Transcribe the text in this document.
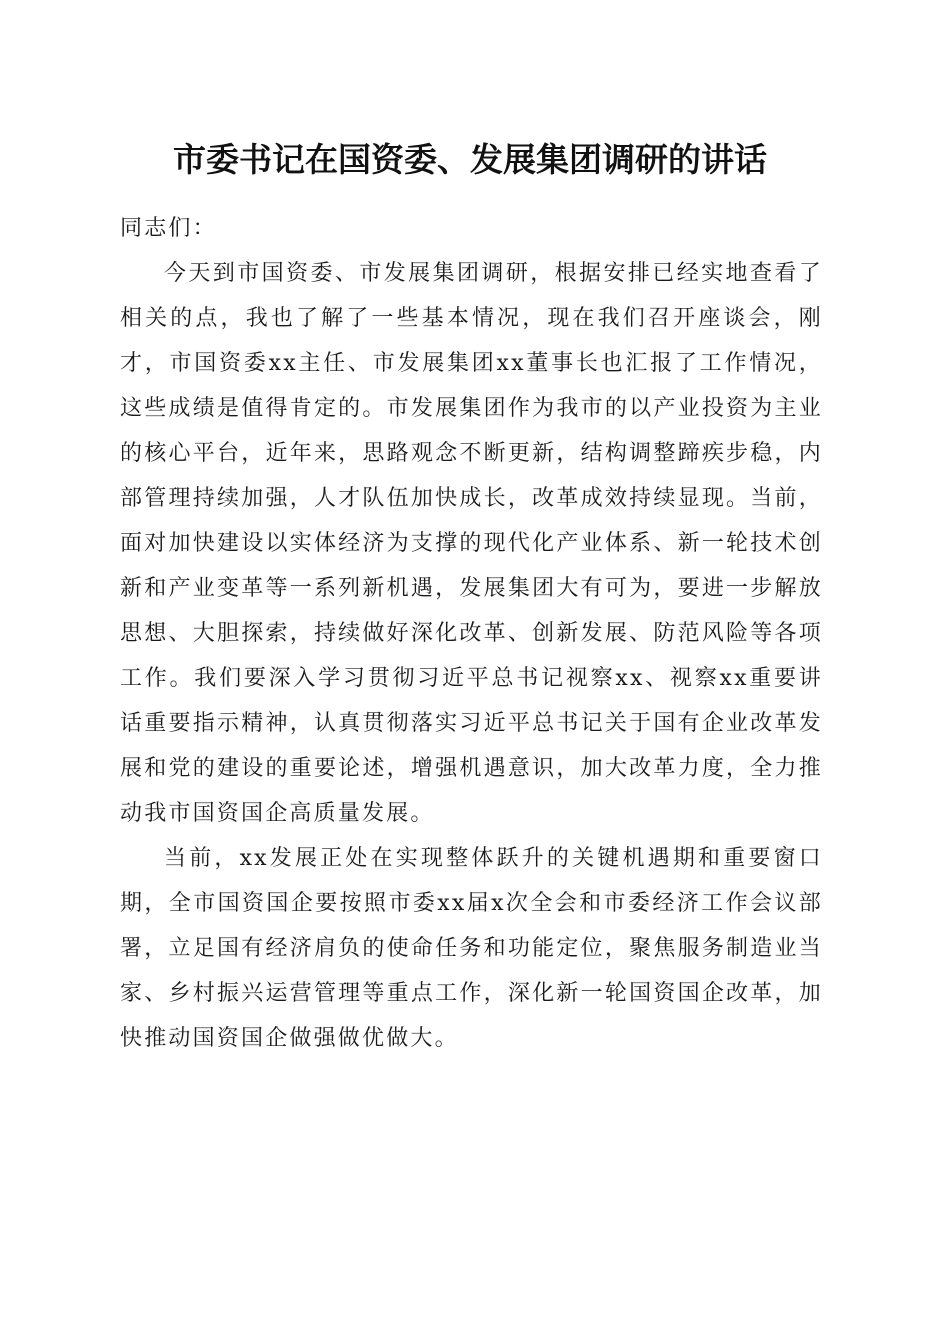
市委书记在国资委、发展集团调研的讲话

同志们：

今天到市国资委、市发展集团调研，根据安排已经实地查看了相关的点，我也了解了一些基本情况，现在我们召开座谈会，刚才，市国资委xx主任、市发展集团xx董事长也汇报了工作情况，这些成绩是值得肯定的。市发展集团作为我市的以产业投资为主业的核心平台，近年来，思路观念不断更新，结构调整蹄疾步稳，内部管理持续加强，人才队伍加快成长，改革成效持续显现。当前，面对加快建设以实体经济为支撑的现代化产业体系、新一轮技术创新和产业变革等一系列新机遇，发展集团大有可为，要进一步解放思想、大胆探索，持续做好深化改革、创新发展、防范风险等各项工作。我们要深入学习贯彻习近平总书记视察xx、视察xx重要讲话重要指示精神，认真贯彻落实习近平总书记关于国有企业改革发展和党的建设的重要论述，增强机遇意识，加大改革力度，全力推动我市国资国企高质量发展。

当前，xx发展正处在实现整体跃升的关键机遇期和重要窗口期，全市国资国企要按照市委xx届x次全会和市委经济工作会议部署，立足国有经济肩负的使命任务和功能定位，聚焦服务制造业当家、乡村振兴运营管理等重点工作，深化新一轮国资国企改革，加快推动国资国企做强做优做大。
